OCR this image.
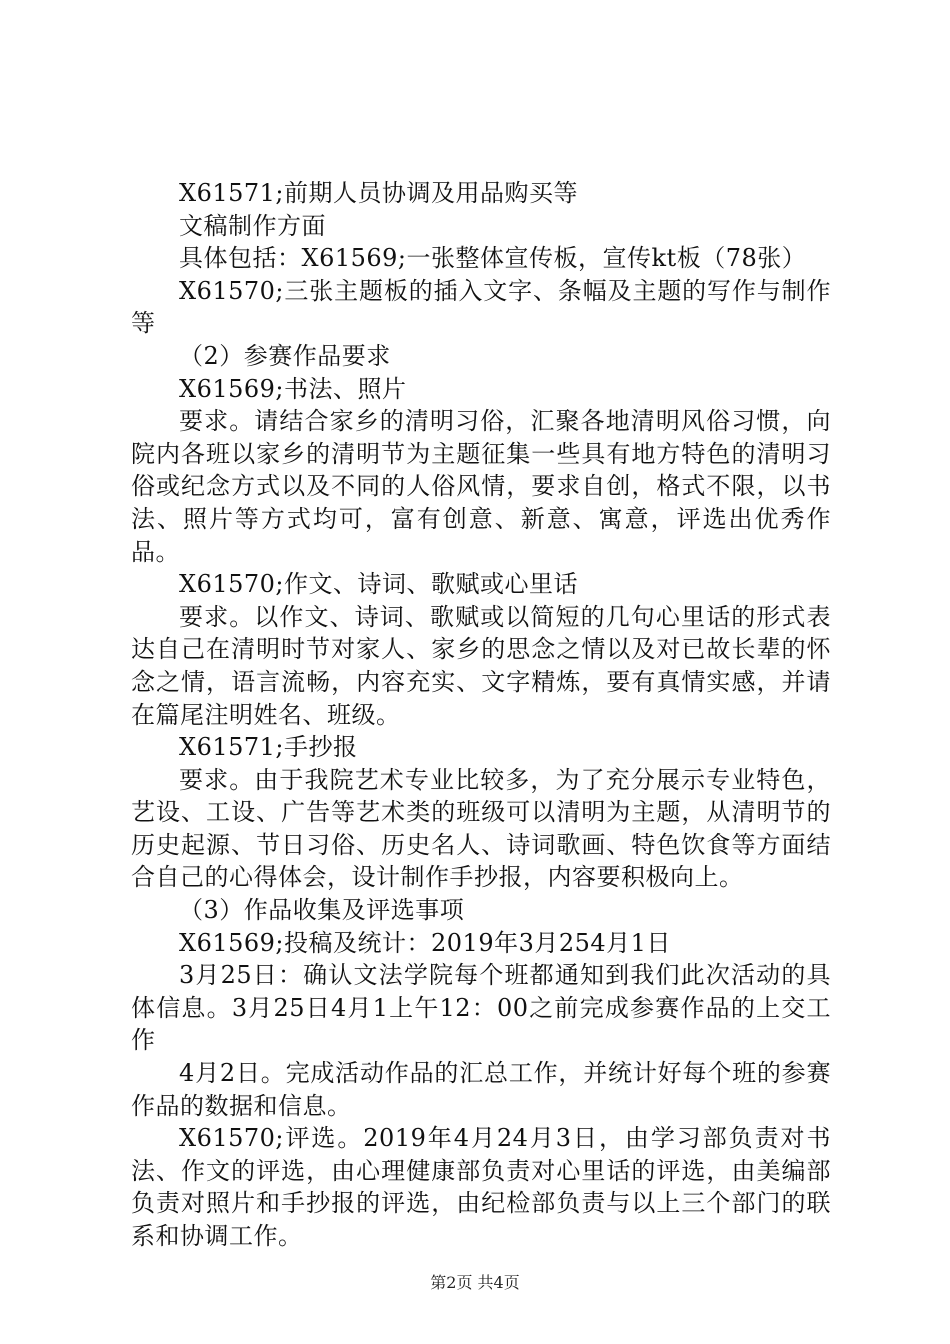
X61571;前期人员协调及用品购买等

文稿制作方面

具体包括：X61569;一张整体宣传板，宣传kt板（78张）

X61570;三张主题板的插入文字、条幅及主题的写作与制作等

（2）参赛作品要求

X61569;书法、照片

要求。请结合家乡的清明习俗，汇聚各地清明风俗习惯，向院内各班以家乡的清明节为主题征集一些具有地方特色的清明习俗或纪念方式以及不同的人俗风情，要求自创，格式不限，以书法、照片等方式均可，富有创意、新意、寓意，评选出优秀作品。

X61570;作文、诗词、歌赋或心里话

要求。以作文、诗词、歌赋或以简短的几句心里话的形式表达自己在清明时节对家人、家乡的思念之情以及对已故长辈的怀念之情，语言流畅，内容充实、文字精炼，要有真情实感，并请在篇尾注明姓名、班级。

X61571;手抄报

要求。由于我院艺术专业比较多，为了充分展示专业特色，艺设、工设、广告等艺术类的班级可以清明为主题，从清明节的历史起源、节日习俗、历史名人、诗词歌画、特色饮食等方面结合自己的心得体会，设计制作手抄报，内容要积极向上。

（3）作品收集及评选事项

X61569;投稿及统计：2019年3月254月1日

3月25日：确认文法学院每个班都通知到我们此次活动的具体信息。3月25日4月1上午12：00之前完成参赛作品的上交工作

4月2日。完成活动作品的汇总工作，并统计好每个班的参赛作品的数据和信息。

X61570;评选。2019年4月24月3日，由学习部负责对书法、作文的评选，由心理健康部负责对心里话的评选，由美编部负责对照片和手抄报的评选，由纪检部负责与以上三个部门的联系和协调工作。

第2页 共4页
